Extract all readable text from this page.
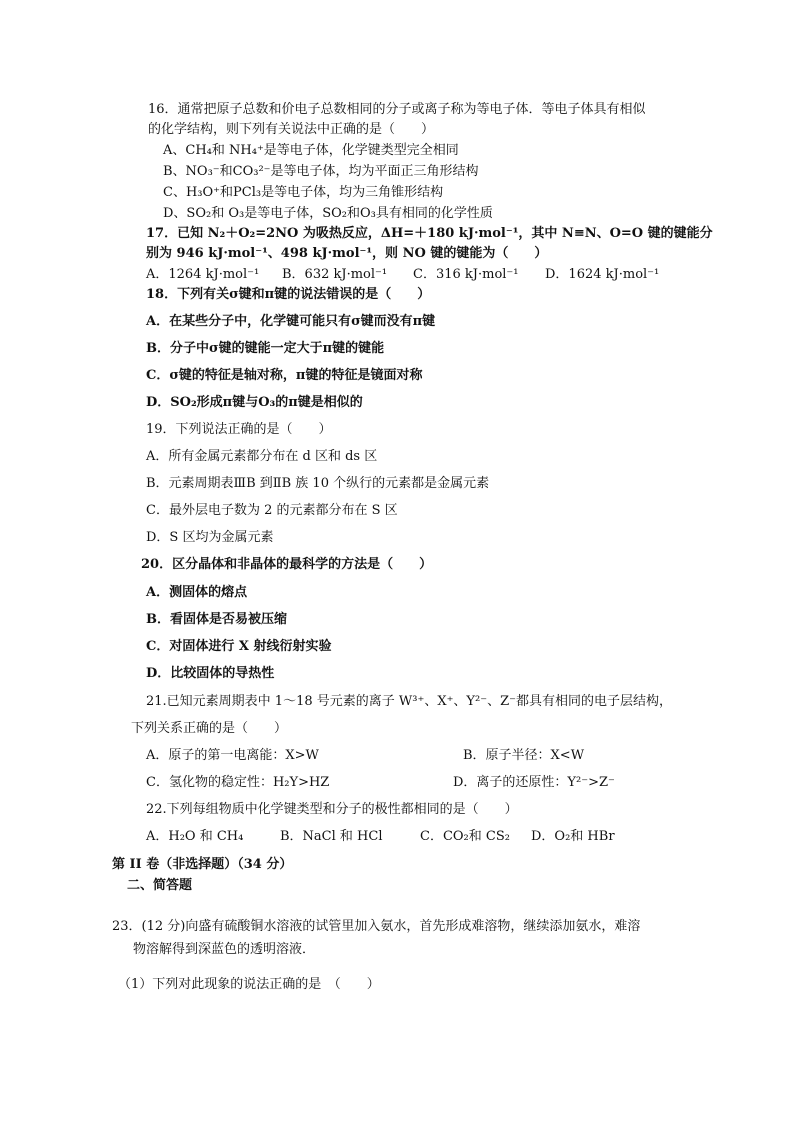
16．通常把原子总数和价电子总数相同的分子或离子称为等电子体．等电子体具有相似
的化学结构，则下列有关说法中正确的是（　　）
A、CH₄和 NH₄⁺是等电子体，化学键类型完全相同
B、NO₃⁻和CO₃²⁻是等电子体，均为平面正三角形结构
C、H₃O⁺和PCl₃是等电子体，均为三角锥形结构
D、SO₂和 O₃是等电子体，SO₂和O₃具有相同的化学性质
17．已知 N₂＋O₂=2NO 为吸热反应，ΔH=＋180 kJ·mol⁻¹，其中 N≡N、O=O 键的键能分
别为 946 kJ·mol⁻¹、498 kJ·mol⁻¹，则 NO 键的键能为（　　）
A．1264 kJ·mol⁻¹ B．632 kJ·mol⁻¹ C．316 kJ·mol⁻¹ D．1624 kJ·mol⁻¹
18．下列有关σ键和π键的说法错误的是（　　）
A．在某些分子中，化学键可能只有σ键而没有π键
B．分子中σ键的键能一定大于π键的键能
C．σ键的特征是轴对称，π键的特征是镜面对称
D．SO₂形成π键与O₃的π键是相似的
19．下列说法正确的是（　　）
A．所有金属元素都分布在 d 区和 ds 区
B．元素周期表ⅢB 到ⅡB 族 10 个纵行的元素都是金属元素
C．最外层电子数为 2 的元素都分布在 S 区
D．S 区均为金属元素
20．区分晶体和非晶体的最科学的方法是（　　）
A．测固体的熔点
B．看固体是否易被压缩
C．对固体进行 X 射线衍射实验
D．比较固体的导热性
21.已知元素周期表中 1～18 号元素的离子 W³⁺、X⁺、Y²⁻、Z⁻都具有相同的电子层结构，
下列关系正确的是（　　）
A．原子的第一电离能：X>W	B．原子半径：X<W
C．氢化物的稳定性：H₂Y>HZ	D．离子的还原性：Y²⁻>Z⁻
22.下列每组物质中化学键类型和分子的极性都相同的是（　　）
A．H₂O 和 CH₄	B．NaCl 和 HCl	C．CO₂和 CS₂ D．O₂和 HBr
第 II 卷（非选择题）（34 分）
二、简答题
23．(12 分)向盛有硫酸铜水溶液的试管里加入氨水，首先形成难溶物，继续添加氨水，难溶
物溶解得到深蓝色的透明溶液．
（1）下列对此现象的说法正确的是　（　　）
